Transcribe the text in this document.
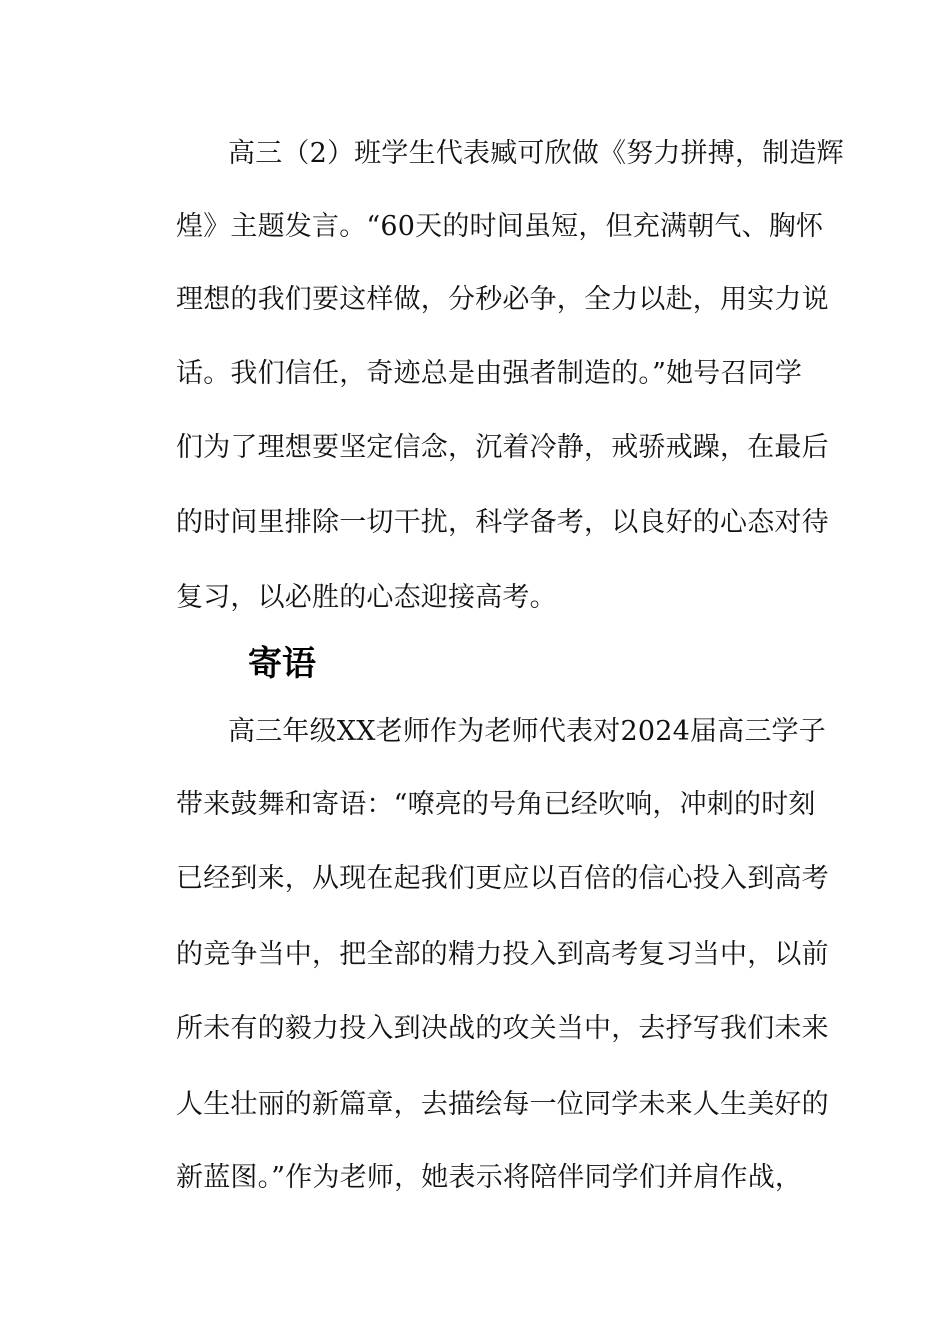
高三（2）班学生代表臧可欣做《努力拼搏，制造辉
煌》主题发言。“60天的时间虽短，但充满朝气、胸怀
理想的我们要这样做，分秒必争，全力以赴，用实力说
话。我们信任，奇迹总是由强者制造的。”她号召同学
们为了理想要坚定信念，沉着冷静，戒骄戒躁，在最后
的时间里排除一切干扰，科学备考，以良好的心态对待
复习，以必胜的心态迎接高考。
寄语
高三年级XX老师作为老师代表对2024届高三学子
带来鼓舞和寄语：“嘹亮的号角已经吹响，冲刺的时刻
已经到来，从现在起我们更应以百倍的信心投入到高考
的竞争当中，把全部的精力投入到高考复习当中，以前
所未有的毅力投入到决战的攻关当中，去抒写我们未来
人生壮丽的新篇章，去描绘每一位同学未来人生美好的
新蓝图。”作为老师，她表示将陪伴同学们并肩作战，
